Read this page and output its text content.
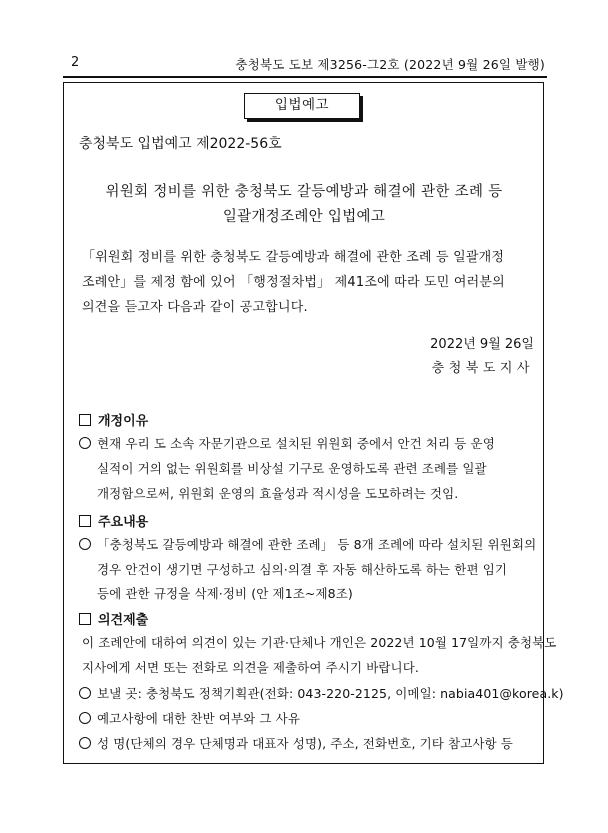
2	충청북도 도보 제3256-그2호 (2022년 9월 26일 발행)
입법예고
충청북도 입법예고 제2022-56호
위원회 정비를 위한 충청북도 갈등예방과 해결에 관한 조례 등
일괄개정조례안 입법예고
「위원회 정비를 위한 충청북도 갈등예방과 해결에 관한 조례 등 일괄개정
조례안」를 제정 함에 있어 「행정절차법」 제41조에 따라 도민 여러분의
의견을 듣고자 다음과 같이 공고합니다.
2022년 9월 26일
충청북도지사
개정이유
현재 우리 도 소속 자문기관으로 설치된 위원회 중에서 안건 처리 등 운영
실적이 거의 없는 위원회를 비상설 기구로 운영하도록 관련 조례를 일괄
개정함으로써, 위원회 운영의 효율성과 적시성을 도모하려는 것임.
주요내용
「충청북도 갈등예방과 해결에 관한 조례」 등 8개 조례에 따라 설치된 위원회의
경우 안건이 생기면 구성하고 심의·의결 후 자동 해산하도록 하는 한편 임기
등에 관한 규정을 삭제·정비 (안 제1조~제8조)
의견제출
이 조례안에 대하여 의견이 있는 기관·단체나 개인은 2022년 10월 17일까지 충청북도
지사에게 서면 또는 전화로 의견을 제출하여 주시기 바랍니다.
보낼 곳: 충청북도 정책기획관(전화: 043-220-2125, 이메일: nabia401@korea.k)
예고사항에 대한 찬반 여부와 그 사유
성 명(단체의 경우 단체명과 대표자 성명), 주소, 전화번호, 기타 참고사항 등
